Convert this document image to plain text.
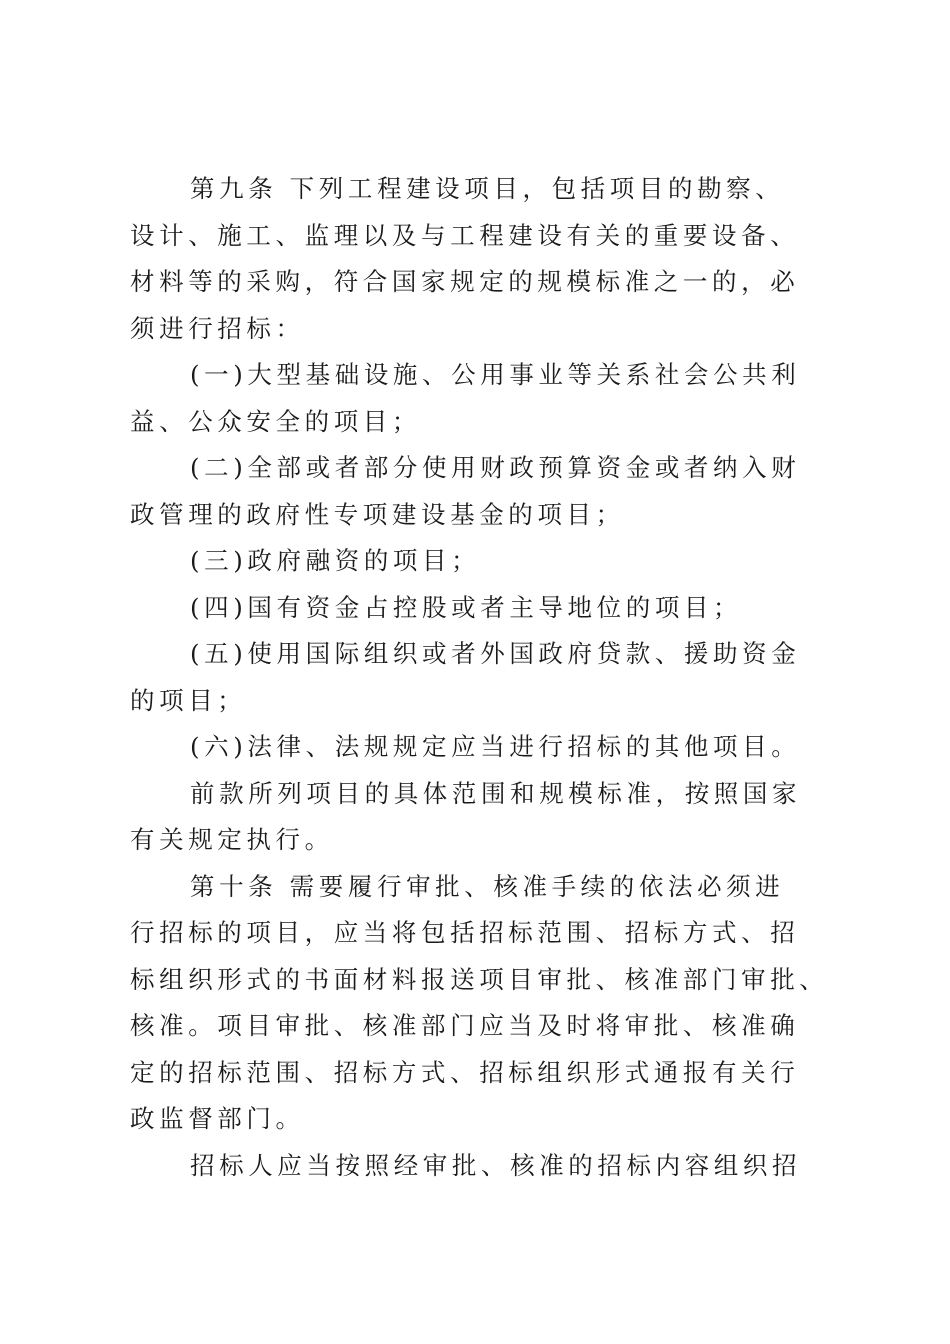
第九条 下列工程建设项目，包括项目的勘察、
设计、施工、监理以及与工程建设有关的重要设备、
材料等的采购，符合国家规定的规模标准之一的，必
须进行招标：
(一)大型基础设施、公用事业等关系社会公共利
益、公众安全的项目；
(二)全部或者部分使用财政预算资金或者纳入财
政管理的政府性专项建设基金的项目；
(三)政府融资的项目；
(四)国有资金占控股或者主导地位的项目；
(五)使用国际组织或者外国政府贷款、援助资金
的项目；
(六)法律、法规规定应当进行招标的其他项目。
前款所列项目的具体范围和规模标准，按照国家
有关规定执行。
第十条 需要履行审批、核准手续的依法必须进
行招标的项目，应当将包括招标范围、招标方式、招
标组织形式的书面材料报送项目审批、核准部门审批、
核准。项目审批、核准部门应当及时将审批、核准确
定的招标范围、招标方式、招标组织形式通报有关行
政监督部门。
招标人应当按照经审批、核准的招标内容组织招
